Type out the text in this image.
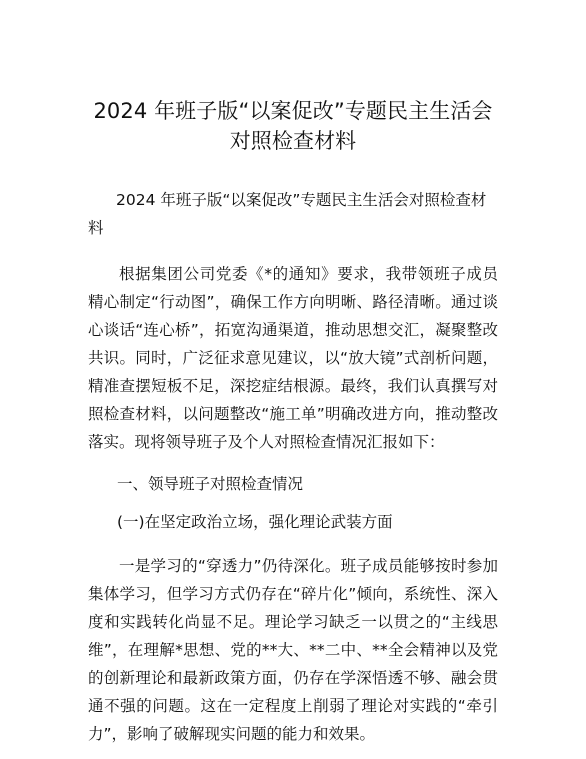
2024 年班子版“以案促改”专题民主生活会对照检查材料

2024 年班子版“以案促改”专题民主生活会对照检查材料

根据集团公司党委《*的通知》要求，我带领班子成员精心制定“行动图”，确保工作方向明晰、路径清晰。通过谈心谈话“连心桥”，拓宽沟通渠道，推动思想交汇，凝聚整改共识。同时，广泛征求意见建议，以“放大镜”式剖析问题，精准查摆短板不足，深挖症结根源。最终，我们认真撰写对照检查材料，以问题整改“施工单”明确改进方向，推动整改落实。现将领导班子及个人对照检查情况汇报如下：

一、领导班子对照检查情况

(一)在坚定政治立场，强化理论武装方面

一是学习的“穿透力”仍待深化。班子成员能够按时参加集体学习，但学习方式仍存在“碎片化”倾向，系统性、深入度和实践转化尚显不足。理论学习缺乏一以贯之的“主线思维”，在理解*思想、党的**大、**二中、**全会精神以及党的创新理论和最新政策方面，仍存在学深悟透不够、融会贯通不强的问题。这在一定程度上削弱了理论对实践的“牵引力”，影响了破解现实问题的能力和效果。
